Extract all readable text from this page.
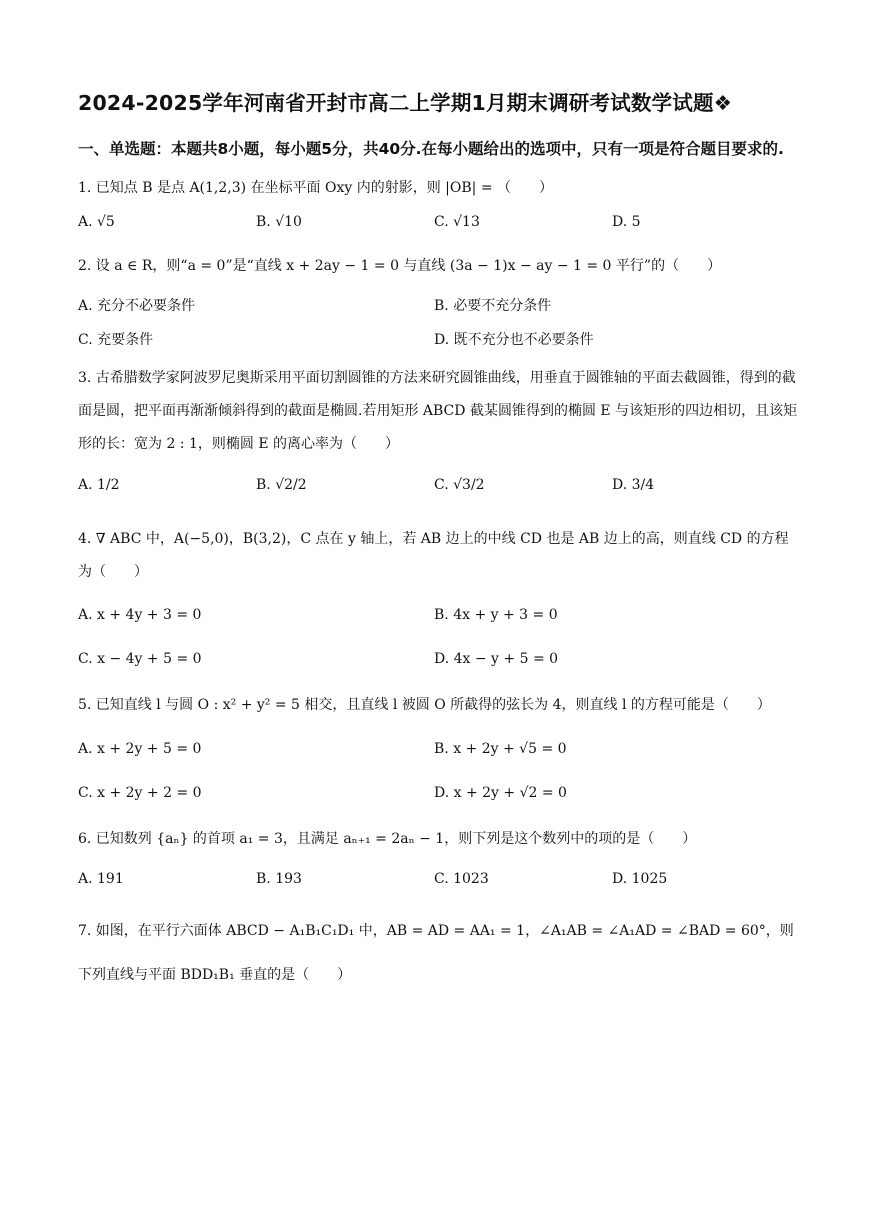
2024-2025学年河南省开封市高二上学期1月期末调研考试数学试题❖
一、单选题：本题共8小题，每小题5分，共40分.在每小题给出的选项中，只有一项是符合题目要求的.

1. 已知点 B 是点 A(1,2,3) 在坐标平面 Oxy 内的射影，则 |OB| = （　　）

A. √5	B. √10	C. √13	D. 5

2. 设 a ∈ R，则“a = 0”是“直线 x + 2ay − 1 = 0 与直线 (3a − 1)x − ay − 1 = 0 平行”的（　　）

A. 充分不必要条件	B. 必要不充分条件
C. 充要条件	D. 既不充分也不必要条件

3. 古希腊数学家阿波罗尼奥斯采用平面切割圆锥的方法来研究圆锥曲线，用垂直于圆锥轴的平面去截圆锥，得到的截面是圆，把平面再渐渐倾斜得到的截面是椭圆.若用矩形 ABCD 截某圆锥得到的椭圆 E 与该矩形的四边相切，且该矩形的长：宽为 2 : 1，则椭圆 E 的离心率为（　　）

A. 1/2	B. √2/2	C. √3/2	D. 3/4

4. ∇ ABC 中，A(−5,0)，B(3,2)，C 点在 y 轴上，若 AB 边上的中线 CD 也是 AB 边上的高，则直线 CD 的方程为（　　）

A. x + 4y + 3 = 0	B. 4x + y + 3 = 0
C. x − 4y + 5 = 0	D. 4x − y + 5 = 0

5. 已知直线 l 与圆 O : x² + y² = 5 相交，且直线 l 被圆 O 所截得的弦长为 4，则直线 l 的方程可能是（　　）

A. x + 2y + 5 = 0	B. x + 2y + √5 = 0
C. x + 2y + 2 = 0	D. x + 2y + √2 = 0

6. 已知数列 {aₙ} 的首项 a₁ = 3，且满足 aₙ₊₁ = 2aₙ − 1，则下列是这个数列中的项的是（　　）

A. 191	B. 193	C. 1023	D. 1025

7. 如图，在平行六面体 ABCD − A₁B₁C₁D₁ 中，AB = AD = AA₁ = 1，∠A₁AB = ∠A₁AD = ∠BAD = 60°，则下列直线与平面 BDD₁B₁ 垂直的是（　　）
